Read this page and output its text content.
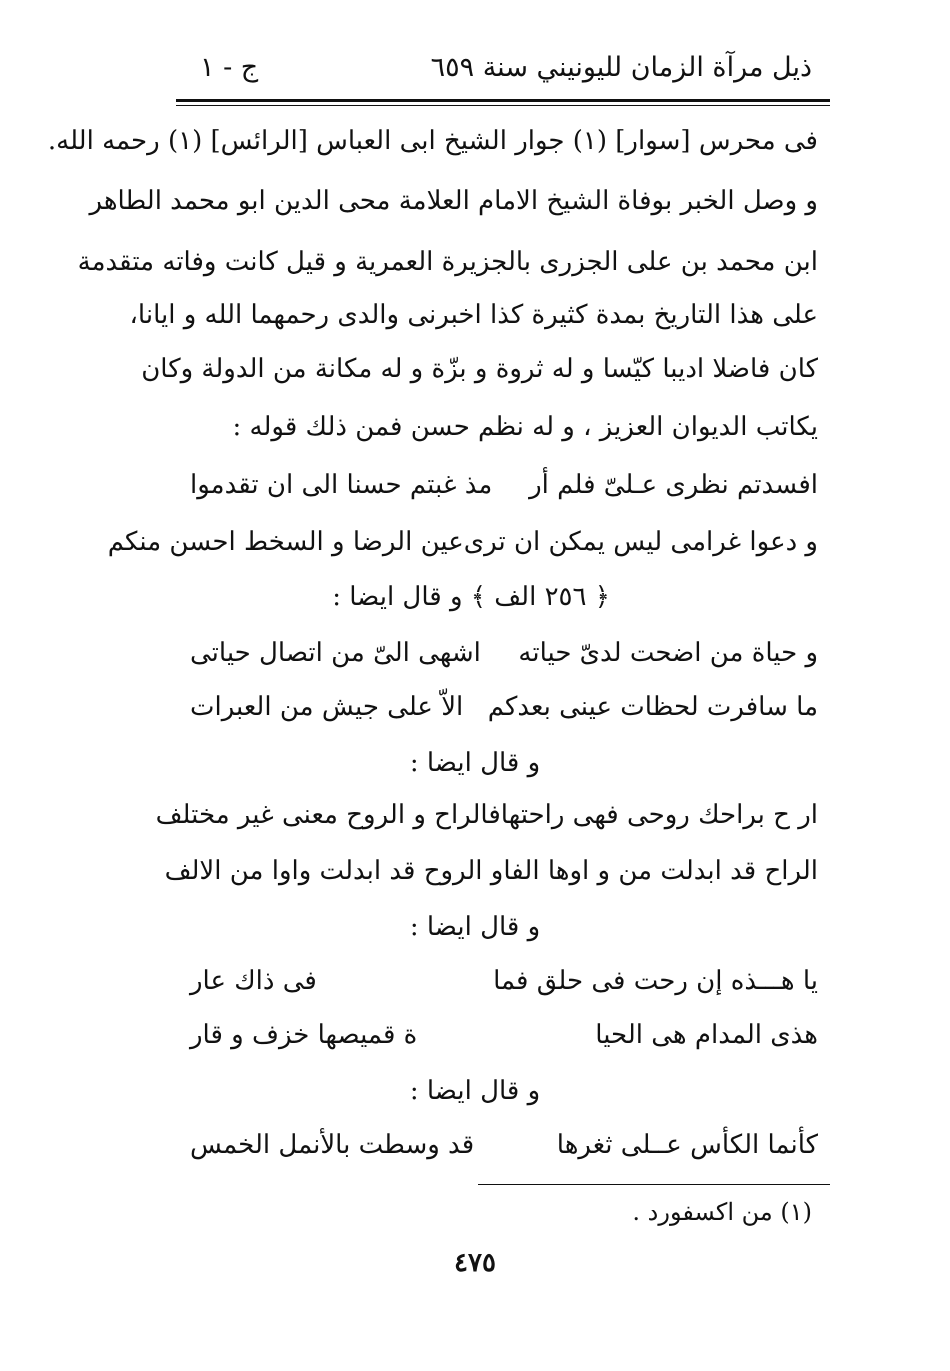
ذيل مرآة الزمان لليونيني سنة ٦٥٩
ج - ١
فى محرس [سوار] (١) جوار الشيخ ابى العباس [الرائس] (١) رحمه الله.
و وصل الخبر بوفاة الشيخ الامام العلامة محى الدين ابو محمد الطاهر
ابن محمد بن على الجزرى بالجزيرة العمرية و قيل كانت وفاته متقدمة
على هذا التاريخ بمدة كثيرة كذا اخبرنى والدى رحمهما الله و ايانا،
كان فاضلا اديبا كيّسا و له ثروة و بزّة و له مكانة من الدولة وكان
يكاتب الديوان العزيز ، و له نظم حسن فمن ذلك قوله :
افسدتم نظرى عـلىّ فلم أر
مذ غبتم حسنا الى ان تقدموا
و دعوا غرامى ليس يمكن ان ترى
عين الرضا و السخط احسن منكم
﴿ ٢٥٦ الف ﴾ و قال ايضا :
و حياة من اضحت لدىّ حياته
اشهى الىّ من اتصال حياتى
ما سافرت لحظات عينى بعدكم
الاّ على جيش من العبرات
و قال ايضا :
ار ح براحك روحى فهى راحتها
فالراح و الروح معنى غير مختلف
الراح قد ابدلت من و اوها الفا
و الروح قد ابدلت واوا من الالف
و قال ايضا :
يا هـــذه إن رحت فى حلق فما
فى ذاك عار
هذى المدام هى الحيا
ة قميصها خزف و قار
و قال ايضا :
كأنما الكأس عــلى ثغرها
قد وسطت بالأنمل الخمس
(١) من اكسفورد .
٤٧٥
